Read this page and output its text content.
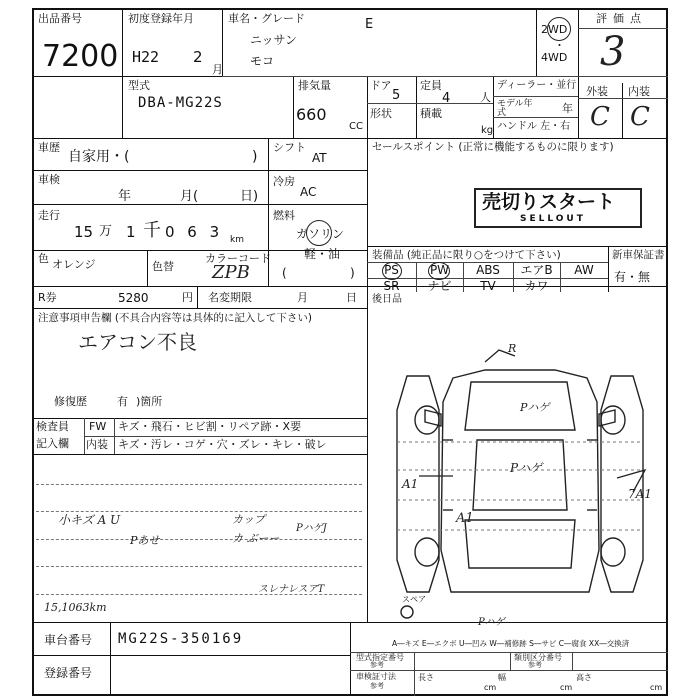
出品番号
7200
初度登録年月
H22 2
月
車名・グレード	E
ニッサン
モコ
2WD
・
4WD
評価点
3
型式
DBA-MG22S
排気量
660
CC
ドア
5
定員
4	人
形状	積載
kg
ディーラー・並行
モデル年式	年
ハンドル 左・右
外装 内装
C C
車歴
自家用・(	)
車検
年	月(	日)
走行
15 万 1 千 0 6 3 km
色 オレンジ	色替
カラーコード
ZPB
シフト
AT
冷房
AC
燃料
ガソリン
軽・油
(	)
R券	5280	円 名変期限	月	日
注意事項申告欄 (不具合内容等は具体的に記入して下さい)
エアコン不良
修復歴	有 )箇所
検査員
記入欄
FW キズ・飛石・ヒビ割・リペア跡・X要
内装 キズ・汚レ・コゲ・穴・ズレ・キレ・破レ
小キズ A U
Pあせ
カップ
カ ぶーー
PハゲJ
スレナレスアT
15,1063km
セールスポイント (正常に機能するものに限ります)
売切りスタート
SELLOUT
装備品 (純正品に限り○をつけて下さい)	新車保証書
有・無
PS	PW	ABS	エアB	AW
SR	ナビ	TV	カワ
後日品
Pハゲ
Pハゲ
A1
A1
7A1
R
Pハゲ
スペア
A―キズ E―エクボ U―凹み W―補修跡 S―サビ C―腐食 XX―交換済
車台番号 MG22S-350169
登録番号
型式指定番号
参考
類別区分番号
参考
車検証寸法
参考
長さ
cm
幅
cm
高さ
cm
